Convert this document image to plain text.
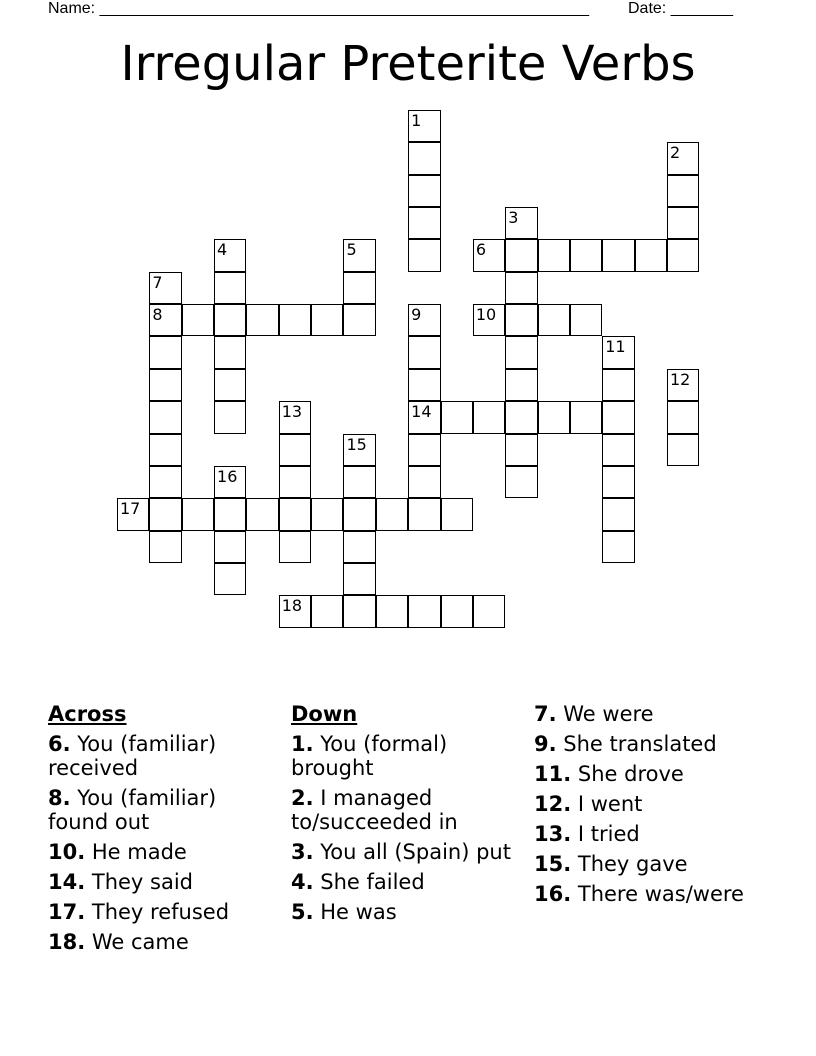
Name: _______________________________________________________ Date: _______
Irregular Preterite Verbs
1
2
3
4	5	6
7
8	9	10
11
12
13	14
15
16
17
18
Across
6. You (familiar) received
8. You (familiar) found out
10. He made
14. They said
17. They refused
18. We came
Down
1. You (formal) brought
2. I managed to/succeeded in
3. You all (Spain) put
4. She failed
5. He was
7. We were
9. She translated
11. She drove
12. I went
13. I tried
15. They gave
16. There was/were
